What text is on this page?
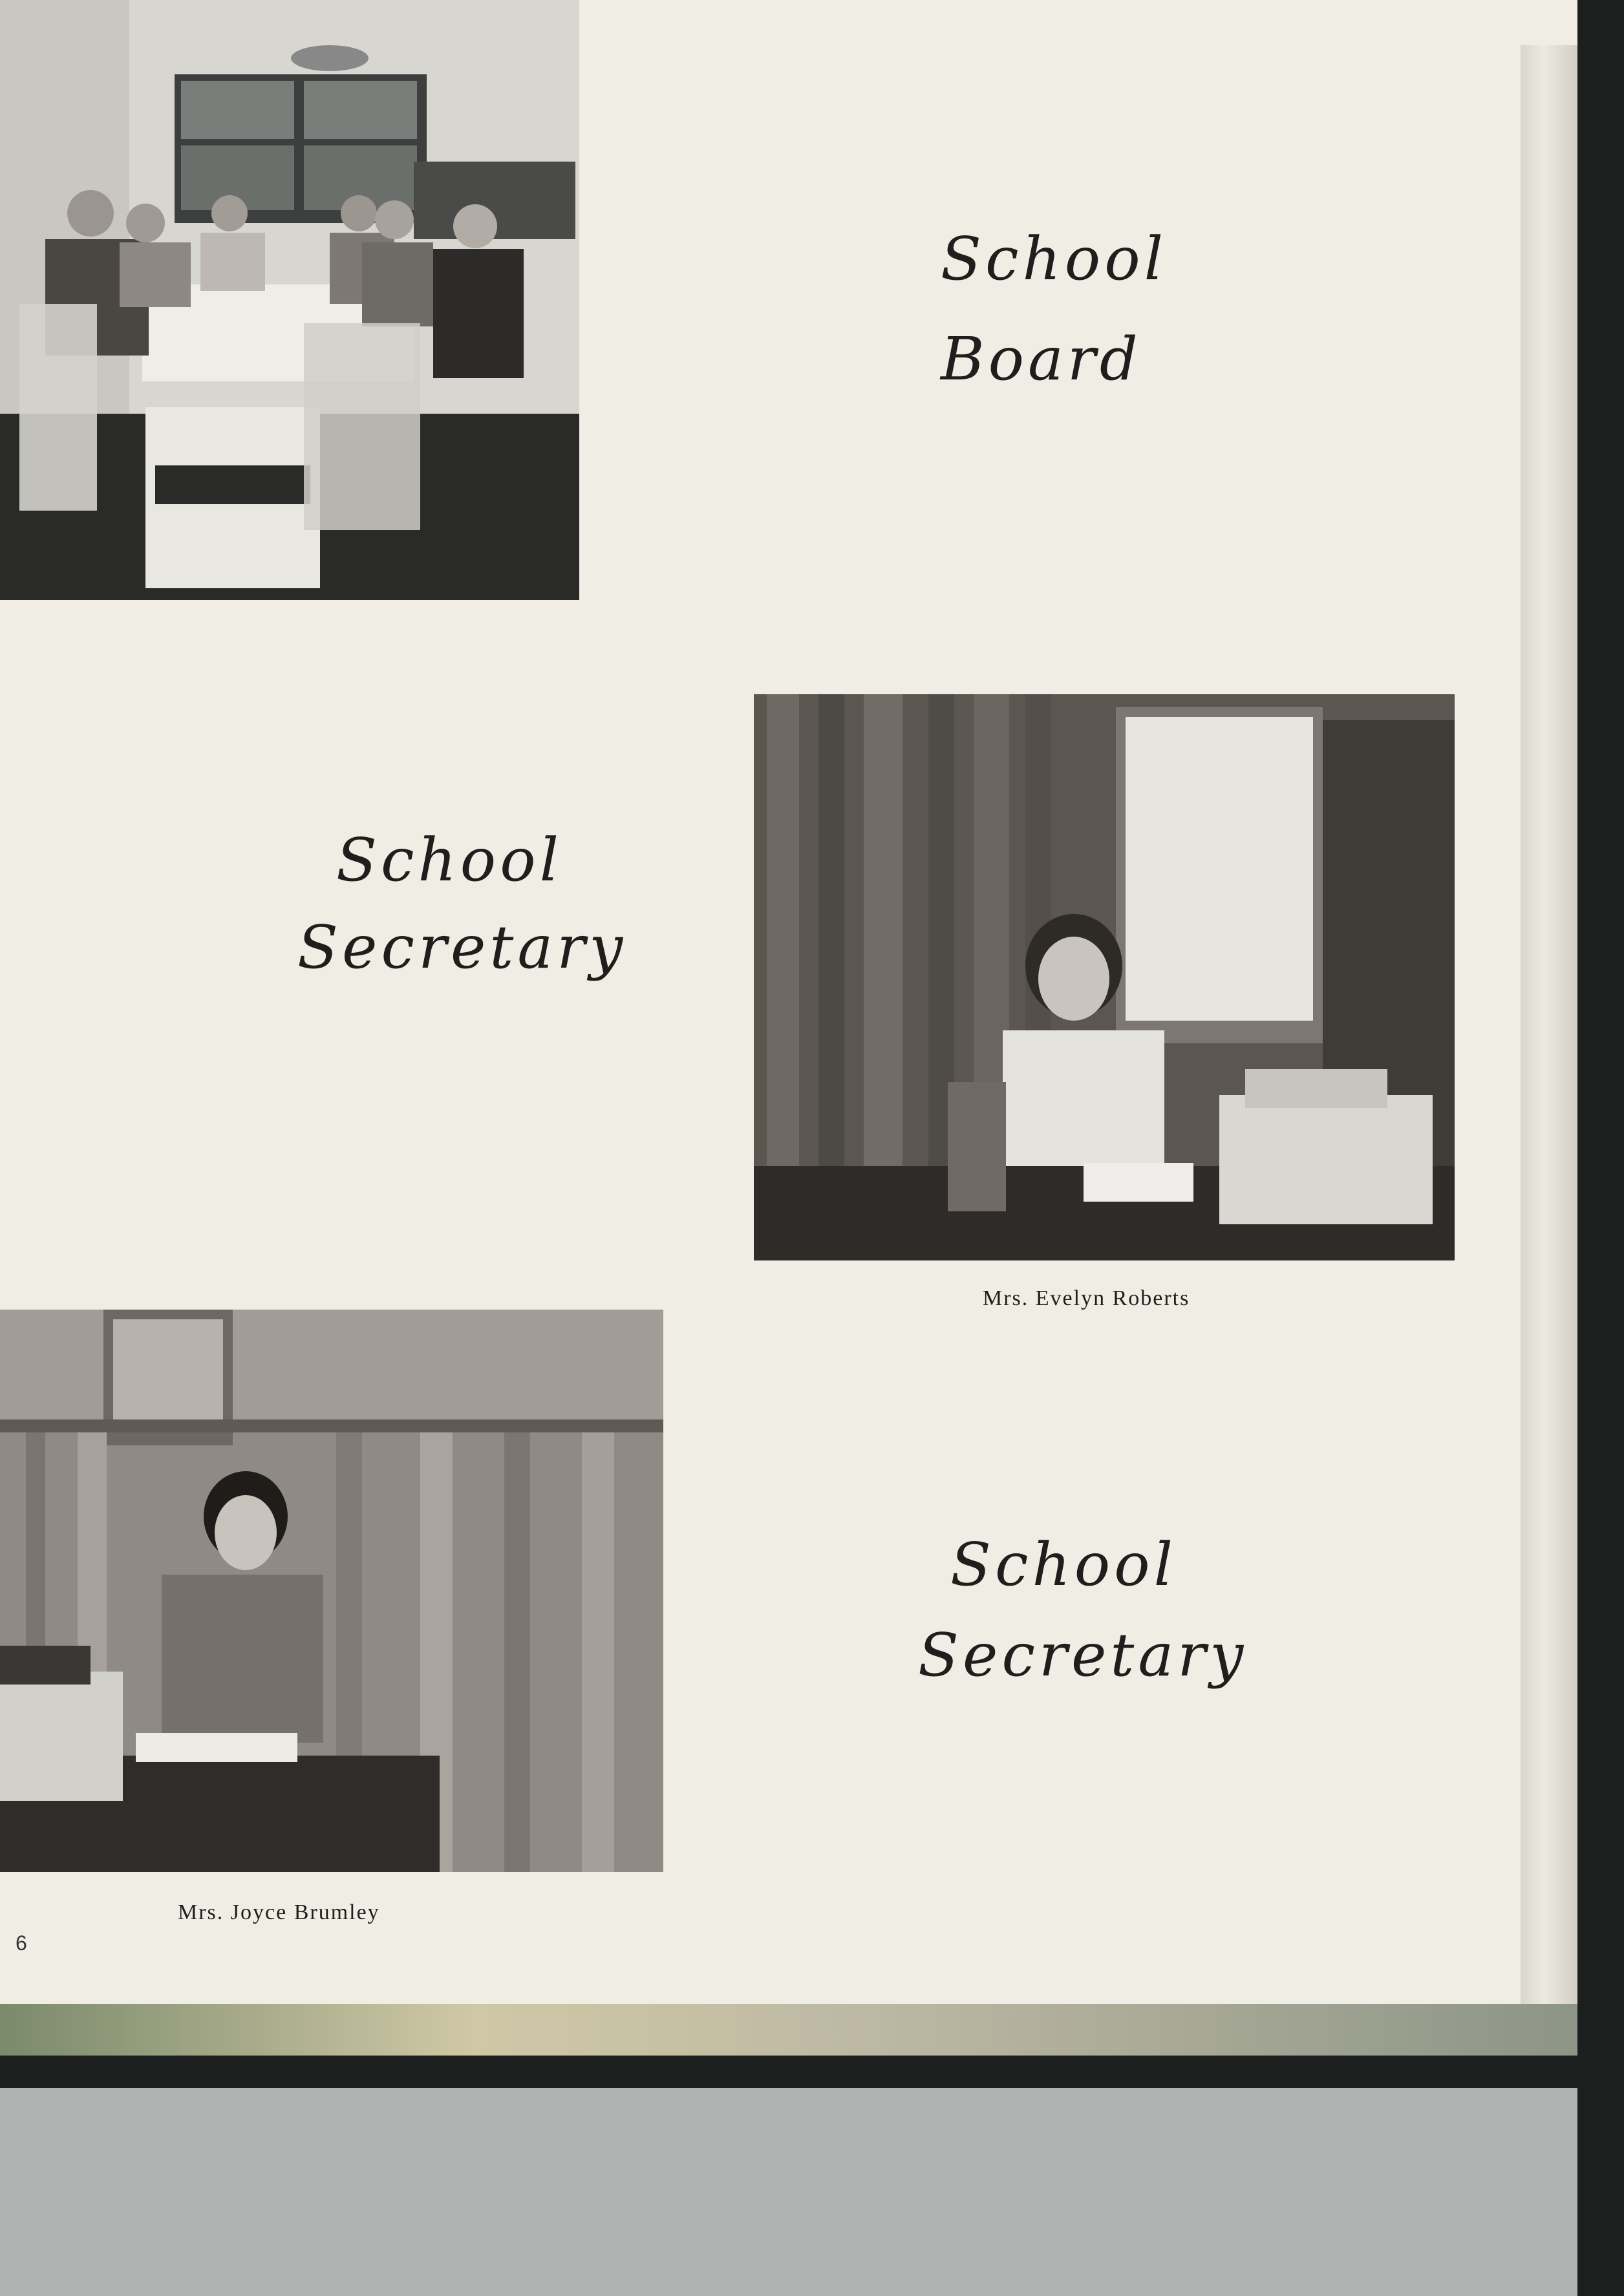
School
Board
School
Secretary
Mrs. Evelyn Roberts
Mrs. Joyce Brumley
School
Secretary
6
